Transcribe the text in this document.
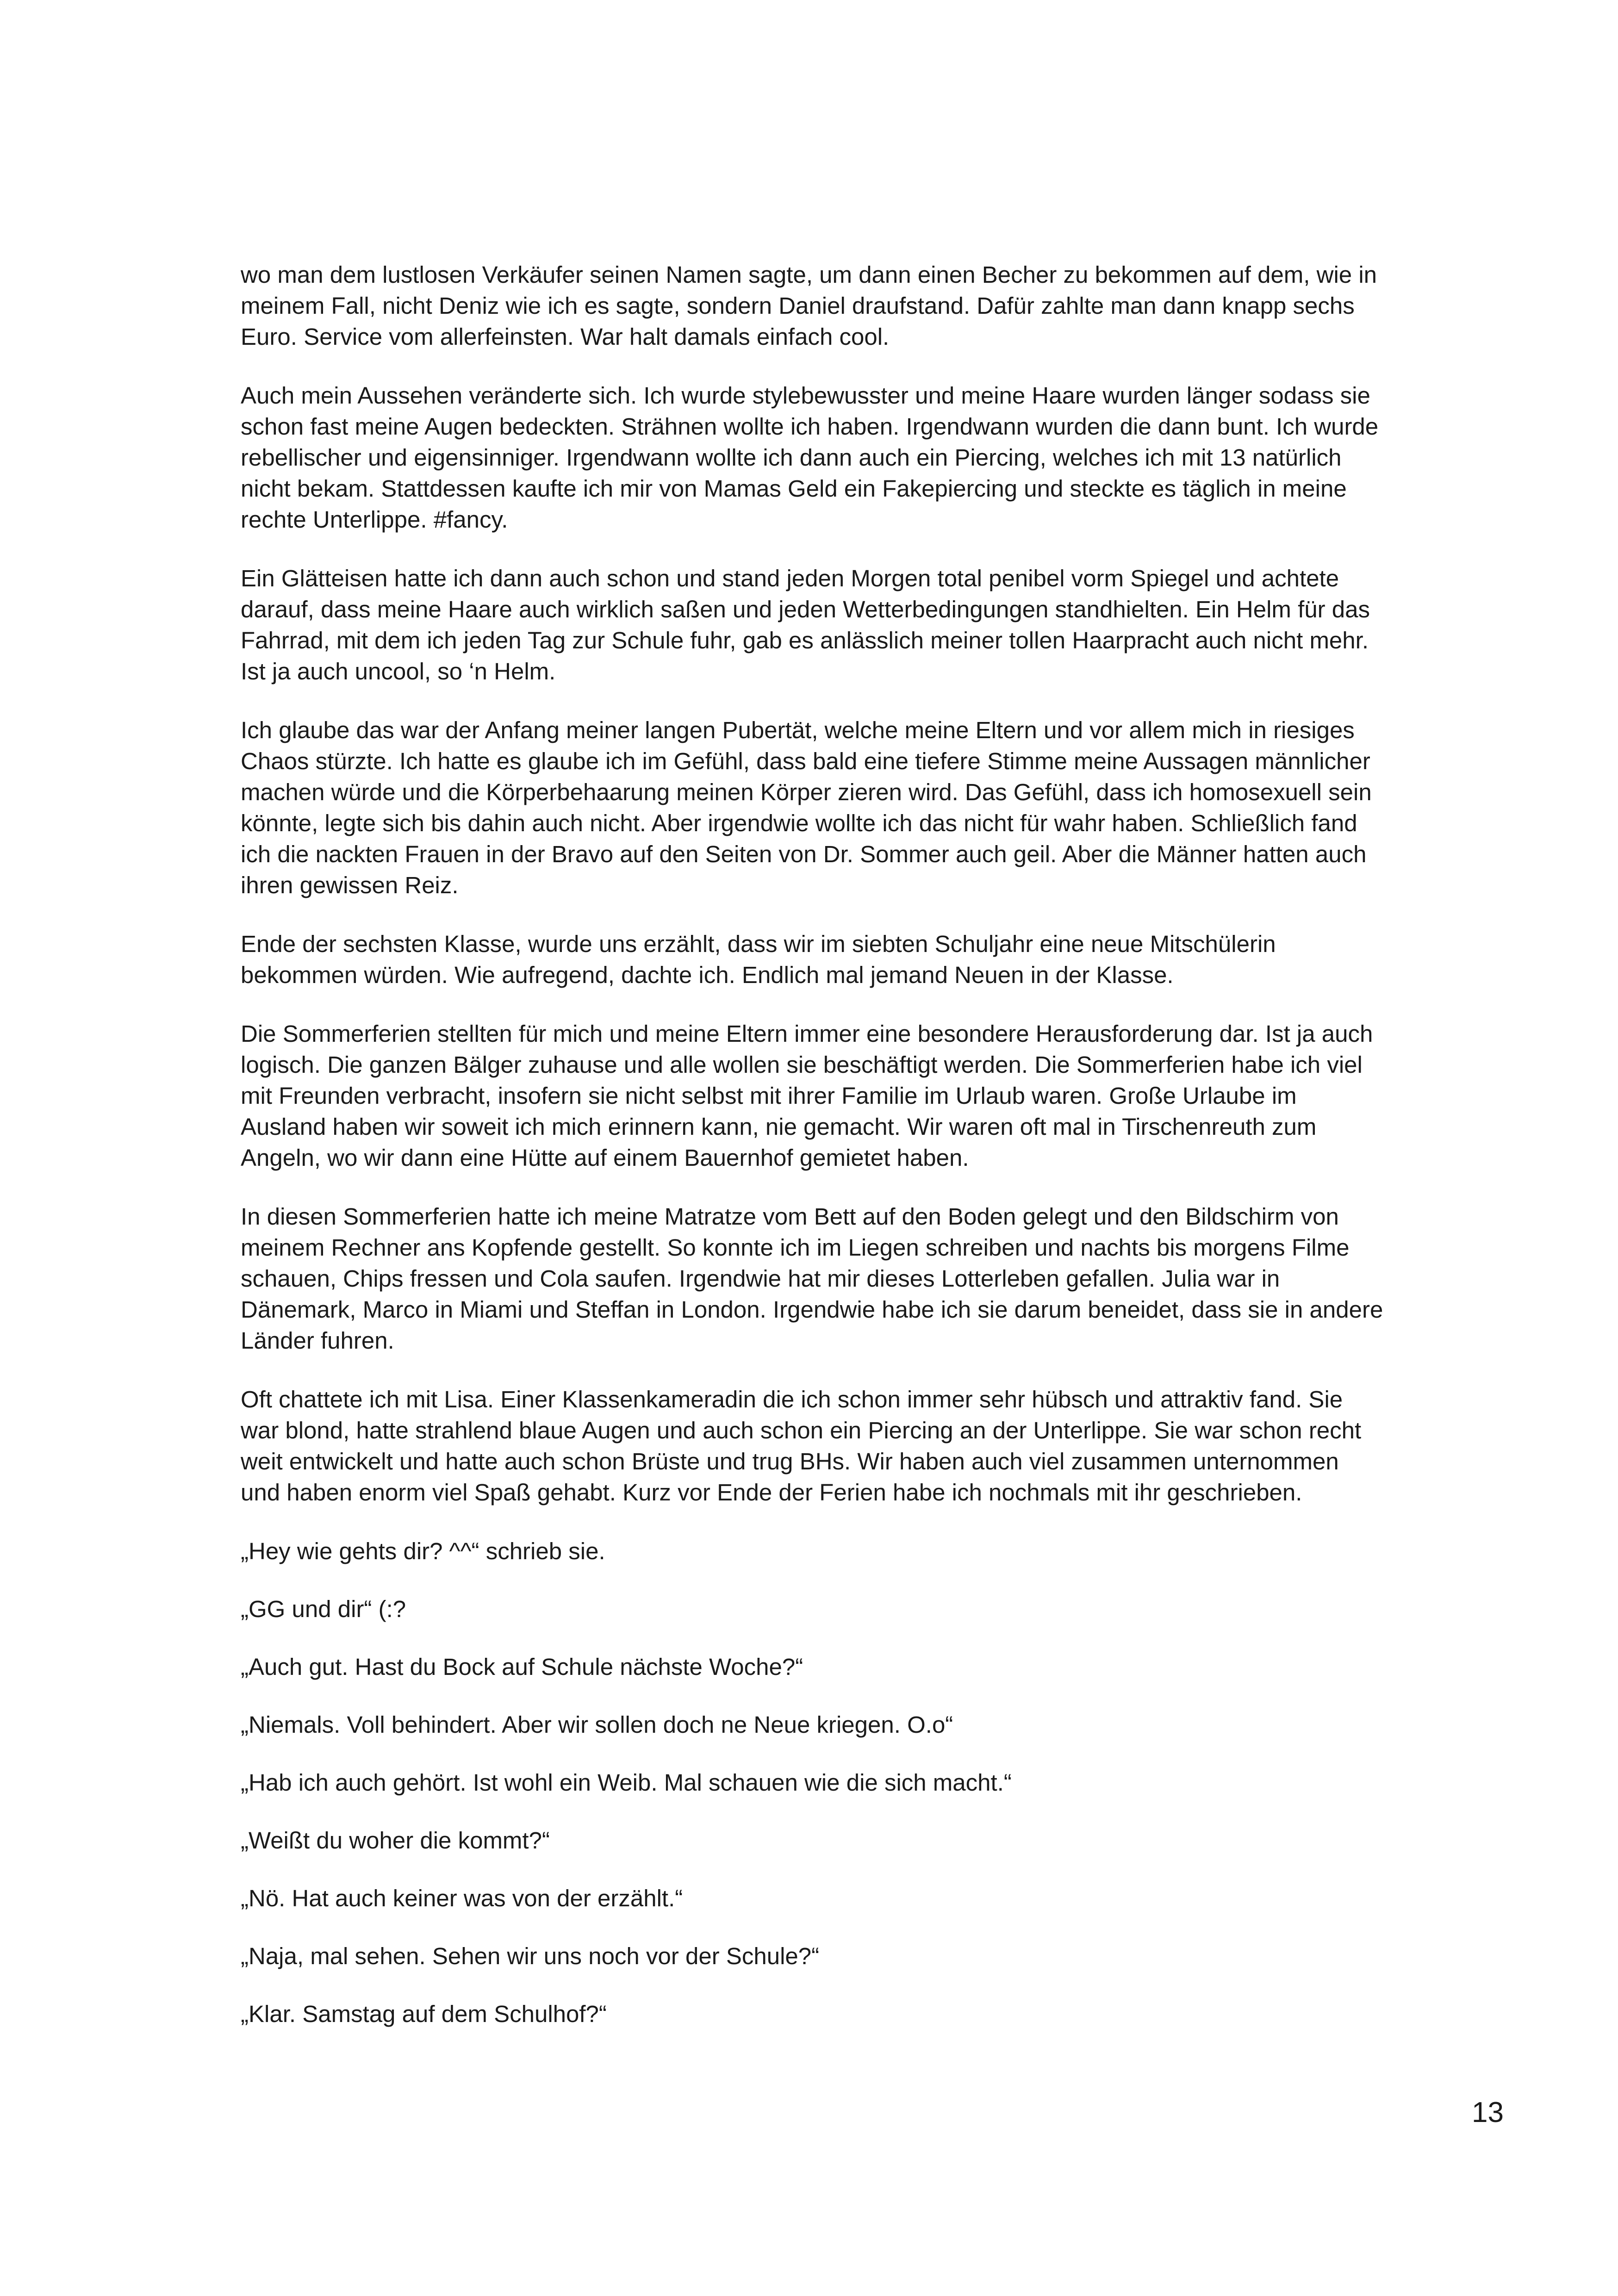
wo man dem lustlosen Verkäufer seinen Namen sagte, um dann einen Becher zu bekommen auf dem, wie in meinem Fall, nicht Deniz wie ich es sagte, sondern Daniel draufstand. Dafür zahlte man dann knapp sechs Euro. Service vom allerfeinsten. War halt damals einfach cool.

Auch mein Aussehen veränderte sich. Ich wurde stylebewusster und meine Haare wurden länger sodass sie schon fast meine Augen bedeckten. Strähnen wollte ich haben. Irgendwann wurden die dann bunt. Ich wurde rebellischer und eigensinniger. Irgendwann wollte ich dann auch ein Piercing, welches ich mit 13 natürlich nicht bekam. Stattdessen kaufte ich mir von Mamas Geld ein Fakepiercing und steckte es täglich in meine rechte Unterlippe. #fancy.

Ein Glätteisen hatte ich dann auch schon und stand jeden Morgen total penibel vorm Spiegel und achtete darauf, dass meine Haare auch wirklich saßen und jeden Wetterbedingungen standhielten. Ein Helm für das Fahrrad, mit dem ich jeden Tag zur Schule fuhr, gab es anlässlich meiner tollen Haarpracht auch nicht mehr. Ist ja auch uncool, so ‘n Helm.

Ich glaube das war der Anfang meiner langen Pubertät, welche meine Eltern und vor allem mich in riesiges Chaos stürzte. Ich hatte es glaube ich im Gefühl, dass bald eine tiefere Stimme meine Aussagen männlicher machen würde und die Körperbehaarung meinen Körper zieren wird. Das Gefühl, dass ich homosexuell sein könnte, legte sich bis dahin auch nicht. Aber irgendwie wollte ich das nicht für wahr haben. Schließlich fand ich die nackten Frauen in der Bravo auf den Seiten von Dr. Sommer auch geil. Aber die Männer hatten auch ihren gewissen Reiz.

Ende der sechsten Klasse, wurde uns erzählt, dass wir im siebten Schuljahr eine neue Mitschülerin bekommen würden. Wie aufregend, dachte ich. Endlich mal jemand Neuen in der Klasse.

Die Sommerferien stellten für mich und meine Eltern immer eine besondere Herausforderung dar. Ist ja auch logisch. Die ganzen Bälger zuhause und alle wollen sie beschäftigt werden. Die Sommerferien habe ich viel mit Freunden verbracht, insofern sie nicht selbst mit ihrer Familie im Urlaub waren. Große Urlaube im Ausland haben wir soweit ich mich erinnern kann, nie gemacht. Wir waren oft mal in Tirschenreuth zum Angeln, wo wir dann eine Hütte auf einem Bauernhof gemietet haben.

In diesen Sommerferien hatte ich meine Matratze vom Bett auf den Boden gelegt und den Bildschirm von meinem Rechner ans Kopfende gestellt. So konnte ich im Liegen schreiben und nachts bis morgens Filme schauen, Chips fressen und Cola saufen. Irgendwie hat mir dieses Lotterleben gefallen. Julia war in Dänemark, Marco in Miami und Steffan in London. Irgendwie habe ich sie darum beneidet, dass sie in andere Länder fuhren.

Oft chattete ich mit Lisa. Einer Klassenkameradin die ich schon immer sehr hübsch und attraktiv fand. Sie war blond, hatte strahlend blaue Augen und auch schon ein Piercing an der Unterlippe. Sie war schon recht weit entwickelt und hatte auch schon Brüste und trug BHs. Wir haben auch viel zusammen unternommen und haben enorm viel Spaß gehabt. Kurz vor Ende der Ferien habe ich nochmals mit ihr geschrieben.

„Hey wie gehts dir? ^^“ schrieb sie.

„GG und dir“ (:?

„Auch gut. Hast du Bock auf Schule nächste Woche?“

„Niemals. Voll behindert. Aber wir sollen doch ne Neue kriegen. O.o“

„Hab ich auch gehört. Ist wohl ein Weib. Mal schauen wie die sich macht.“

„Weißt du woher die kommt?“

„Nö. Hat auch keiner was von der erzählt.“

„Naja, mal sehen. Sehen wir uns noch vor der Schule?“

„Klar. Samstag auf dem Schulhof?“

13
